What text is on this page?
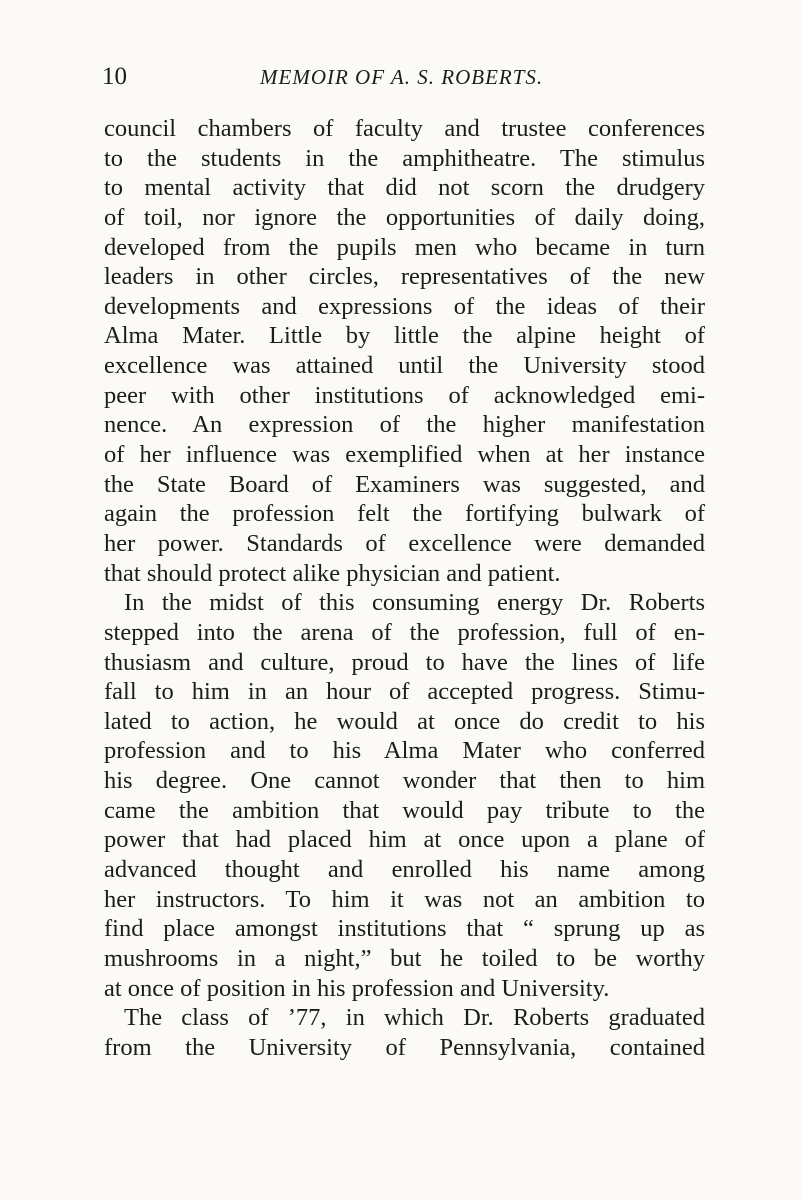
10	MEMOIR OF A. S. ROBERTS.
council chambers of faculty and trustee conferences
to the students in the amphitheatre. The stimulus
to mental activity that did not scorn the drudgery
of toil, nor ignore the opportunities of daily doing,
developed from the pupils men who became in turn
leaders in other circles, representatives of the new
developments and expressions of the ideas of their
Alma Mater. Little by little the alpine height of
excellence was attained until the University stood
peer with other institutions of acknowledged emi-
nence. An expression of the higher manifestation
of her influence was exemplified when at her instance
the State Board of Examiners was suggested, and
again the profession felt the fortifying bulwark of
her power. Standards of excellence were demanded
that should protect alike physician and patient.
In the midst of this consuming energy Dr. Roberts
stepped into the arena of the profession, full of en-
thusiasm and culture, proud to have the lines of life
fall to him in an hour of accepted progress. Stimu-
lated to action, he would at once do credit to his
profession and to his Alma Mater who conferred
his degree. One cannot wonder that then to him
came the ambition that would pay tribute to the
power that had placed him at once upon a plane of
advanced thought and enrolled his name among
her instructors. To him it was not an ambition to
find place amongst institutions that “ sprung up as
mushrooms in a night,” but he toiled to be worthy
at once of position in his profession and University.
The class of ’77, in which Dr. Roberts graduated
from the University of Pennsylvania, contained
